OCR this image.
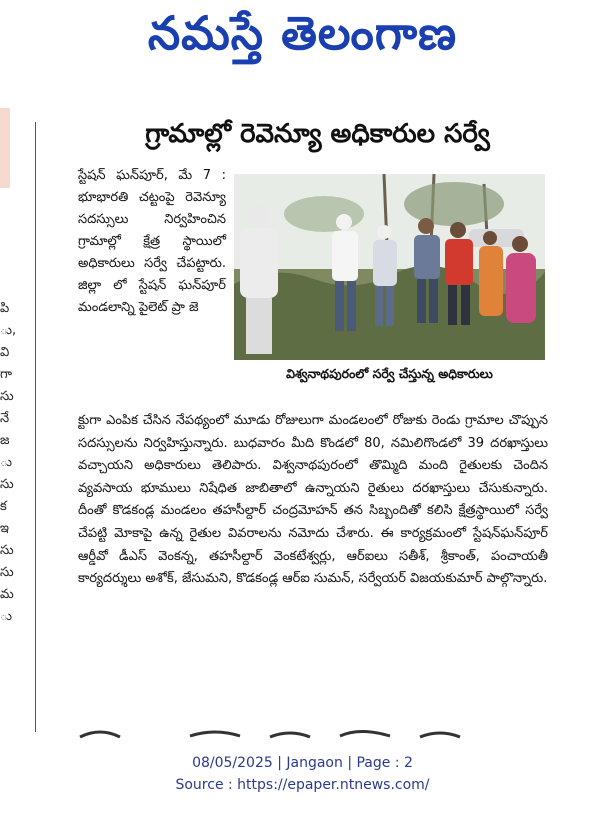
నమస్తే తెలంగాణ
పి
ు,
వి
గా
సు
నే
జ
ు
సు
క
ఇ
సు
సు
మ
ు
గ్రామాల్లో రెవెన్యూ అధికారుల సర్వే

స్టేషన్ ఘన్‌పూర్, మే 7 : భూభారతి చట్టంపై రెవెన్యూ సదస్సులు నిర్వహించిన గ్రామాల్లో క్షేత్ర స్థాయిలో అధికారులు సర్వే చేపట్టారు. జిల్లా లో స్టేషన్ ఘన్‌పూర్ మండలాన్ని పైలెట్ ప్రా జె

విశ్వనాథపురంలో సర్వే చేస్తున్న అధికారులు

క్టుగా ఎంపిక చేసిన నేపథ్యంలో మూడు రోజులుగా మండలంలో రోజుకు రెండు గ్రామాల చొప్పున సదస్సులను నిర్వహిస్తున్నారు. బుధవారం మీది కొండలో 80, నమిలిగొండలో 39 దరఖాస్తులు వచ్చాయని అధికారులు తెలిపారు. విశ్వనాథపురంలో తొమ్మిది మంది రైతులకు చెందిన వ్యవసాయ భూములు నిషేధిత జాబితాలో ఉన్నాయని రైతులు దరఖాస్తులు చేసుకున్నారు. దీంతో కొడకండ్ల మండలం తహసీల్దార్ చంద్రమోహన్ తన సిబ్బందితో కలిసి క్షేత్రస్థాయిలో సర్వే చేపట్టి మోకాపై ఉన్న రైతుల వివరాలను నమోదు చేశారు. ఈ కార్యక్రమంలో స్టేషన్‌ఘన్‌పూర్ ఆర్డీవో డీఎస్ వెంకన్న, తహసీల్దార్ వెంకటేశ్వర్లు, ఆర్ఐలు సతీశ్, శ్రీకాంత్, పంచాయతీ కార్యదర్శులు అశోక్, జేసుమని, కొడకండ్ల ఆర్ఐ సుమన్, సర్వేయర్ విజయకుమార్ పాల్గొన్నారు.

08/05/2025 | Jangaon | Page : 2
Source : https://epaper.ntnews.com/
